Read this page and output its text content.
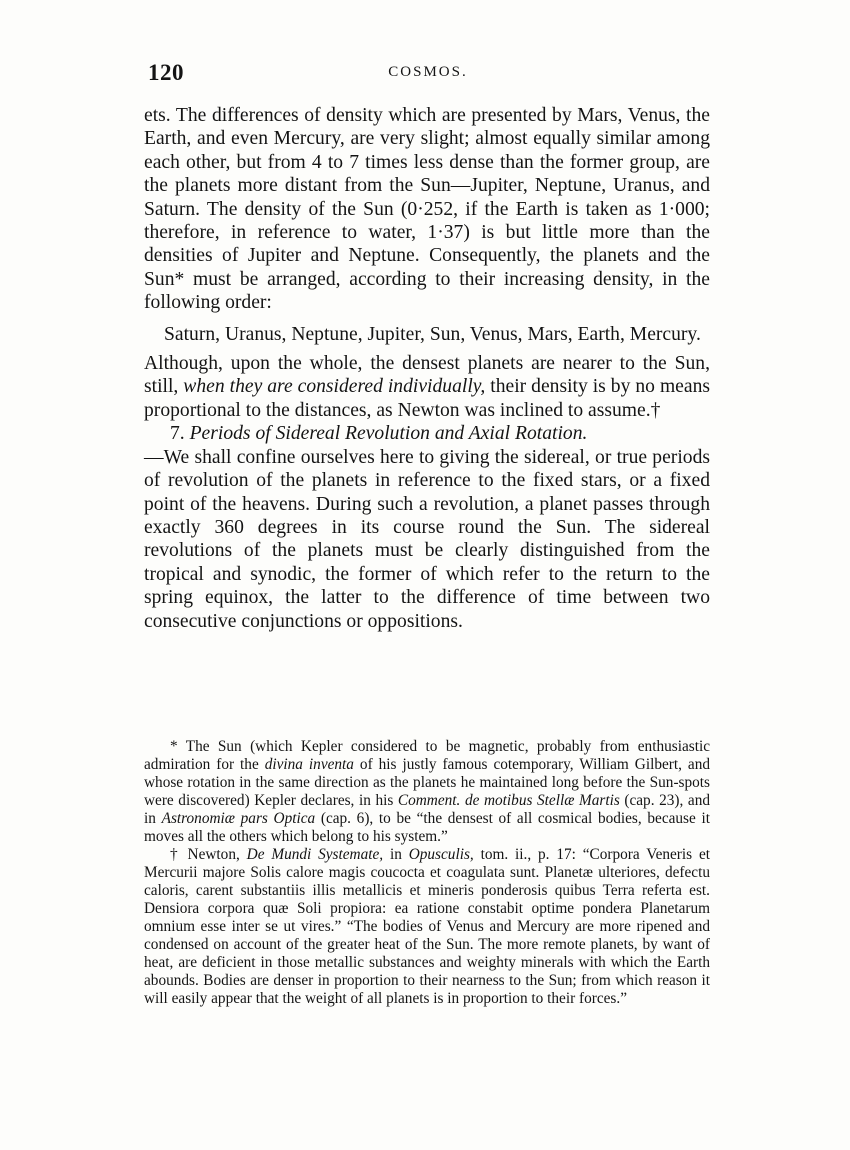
120	COSMOS.

ets. The differences of density which are presented by Mars, Venus, the Earth, and even Mercury, are very slight; almost equally similar among each other, but from 4 to 7 times less dense than the former group, are the planets more distant from the Sun—Jupiter, Neptune, Uranus, and Saturn. The density of the Sun (0·252, if the Earth is taken as 1·000; therefore, in reference to water, 1·37) is but little more than the densities of Jupiter and Neptune. Consequently, the planets and the Sun* must be arranged, according to their increasing density, in the following order:

Saturn, Uranus, Neptune, Jupiter, Sun, Venus, Mars, Earth, Mercury.

Although, upon the whole, the densest planets are nearer to the Sun, still, when they are considered individually, their density is by no means proportional to the distances, as Newton was inclined to assume.†

7. Periods of Sidereal Revolution and Axial Rotation.

—We shall confine ourselves here to giving the sidereal, or true periods of revolution of the planets in reference to the fixed stars, or a fixed point of the heavens. During such a revolution, a planet passes through exactly 360 degrees in its course round the Sun. The sidereal revolutions of the planets must be clearly distinguished from the tropical and synodic, the former of which refer to the return to the spring equinox, the latter to the difference of time between two consecutive conjunctions or oppositions.

* The Sun (which Kepler considered to be magnetic, probably from enthusiastic admiration for the divina inventa of his justly famous cotemporary, William Gilbert, and whose rotation in the same direction as the planets he maintained long before the Sun-spots were discovered) Kepler declares, in his Comment. de motibus Stellæ Martis (cap. 23), and in Astronomiæ pars Optica (cap. 6), to be “the densest of all cosmical bodies, because it moves all the others which belong to his system.”

† Newton, De Mundi Systemate, in Opusculis, tom. ii., p. 17: “Corpora Veneris et Mercurii majore Solis calore magis coucocta et coagulata sunt. Planetæ ulteriores, defectu caloris, carent substantiis illis metallicis et mineris ponderosis quibus Terra referta est. Densiora corpora quæ Soli propiora: ea ratione constabit optime pondera Planetarum omnium esse inter se ut vires.” “The bodies of Venus and Mercury are more ripened and condensed on account of the greater heat of the Sun. The more remote planets, by want of heat, are deficient in those metallic substances and weighty minerals with which the Earth abounds. Bodies are denser in proportion to their nearness to the Sun; from which reason it will easily appear that the weight of all planets is in proportion to their forces.”
